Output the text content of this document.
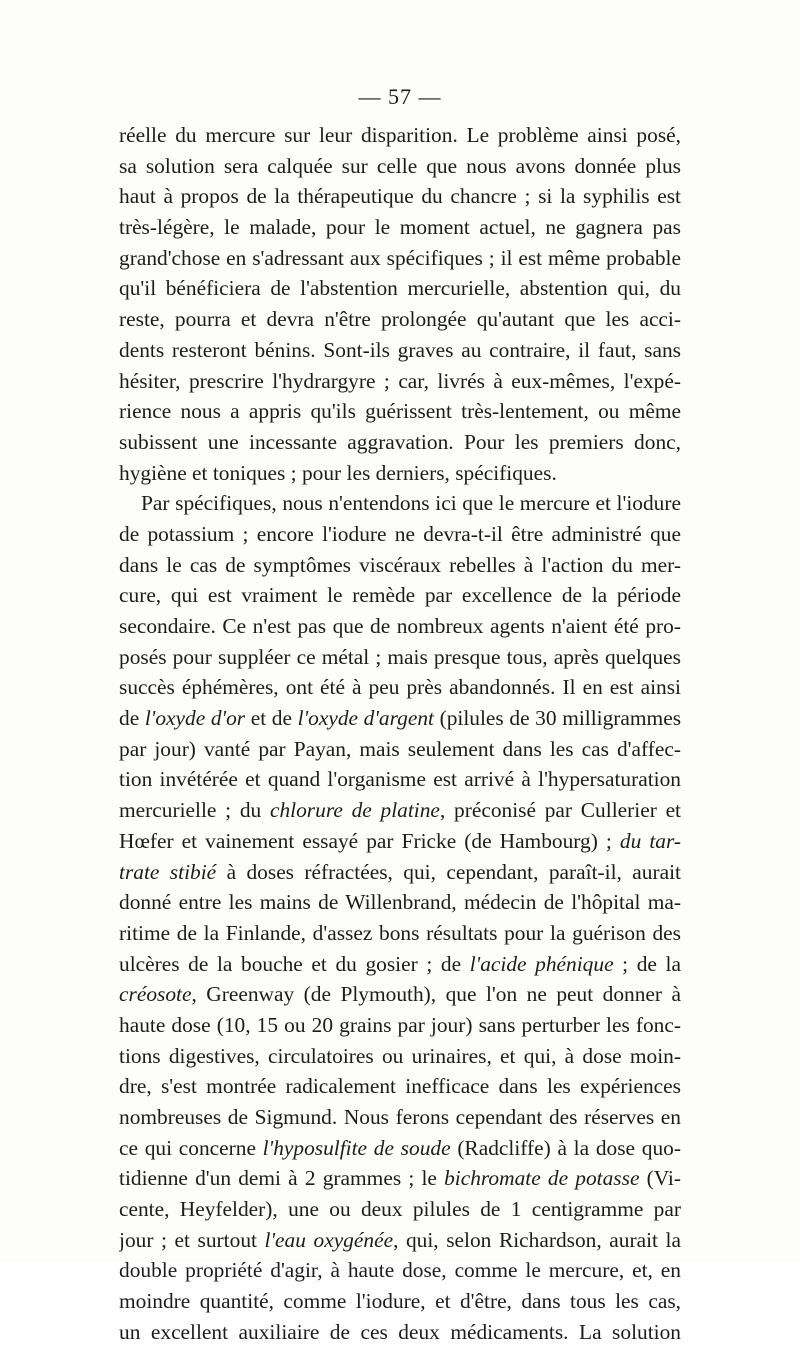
— 57 —
réelle du mercure sur leur disparition. Le problème ainsi posé,
sa solution sera calquée sur celle que nous avons donnée plus
haut à propos de la thérapeutique du chancre ; si la syphilis est
très-légère, le malade, pour le moment actuel, ne gagnera pas
grand'chose en s'adressant aux spécifiques ; il est même probable
qu'il bénéficiera de l'abstention mercurielle, abstention qui, du
reste, pourra et devra n'être prolongée qu'autant que les acci-
dents resteront bénins. Sont-ils graves au contraire, il faut, sans
hésiter, prescrire l'hydrargyre ; car, livrés à eux-mêmes, l'expé-
rience nous a appris qu'ils guérissent très-lentement, ou même
subissent une incessante aggravation. Pour les premiers donc,
hygiène et toniques ; pour les derniers, spécifiques.
Par spécifiques, nous n'entendons ici que le mercure et l'iodure
de potassium ; encore l'iodure ne devra-t-il être administré que
dans le cas de symptômes viscéraux rebelles à l'action du mer-
cure, qui est vraiment le remède par excellence de la période
secondaire. Ce n'est pas que de nombreux agents n'aient été pro-
posés pour suppléer ce métal ; mais presque tous, après quelques
succès éphémères, ont été à peu près abandonnés. Il en est ainsi
de l'oxyde d'or et de l'oxyde d'argent (pilules de 30 milligrammes
par jour) vanté par Payan, mais seulement dans les cas d'affec-
tion invétérée et quand l'organisme est arrivé à l'hypersaturation
mercurielle ; du chlorure de platine, préconisé par Cullerier et
Hœfer et vainement essayé par Fricke (de Hambourg) ; du tar-
trate stibié à doses réfractées, qui, cependant, paraît-il, aurait
donné entre les mains de Willenbrand, médecin de l'hôpital ma-
ritime de la Finlande, d'assez bons résultats pour la guérison des
ulcères de la bouche et du gosier ; de l'acide phénique ; de la
créosote, Greenway (de Plymouth), que l'on ne peut donner à
haute dose (10, 15 ou 20 grains par jour) sans perturber les fonc-
tions digestives, circulatoires ou urinaires, et qui, à dose moin-
dre, s'est montrée radicalement inefficace dans les expériences
nombreuses de Sigmund. Nous ferons cependant des réserves en
ce qui concerne l'hyposulfite de soude (Radcliffe) à la dose quo-
tidienne d'un demi à 2 grammes ; le bichromate de potasse (Vi-
cente, Heyfelder), une ou deux pilules de 1 centigramme par
jour ; et surtout l'eau oxygénée, qui, selon Richardson, aurait la
double propriété d'agir, à haute dose, comme le mercure, et, en
moindre quantité, comme l'iodure, et d'être, dans tous les cas,
un excellent auxiliaire de ces deux médicaments. La solution
